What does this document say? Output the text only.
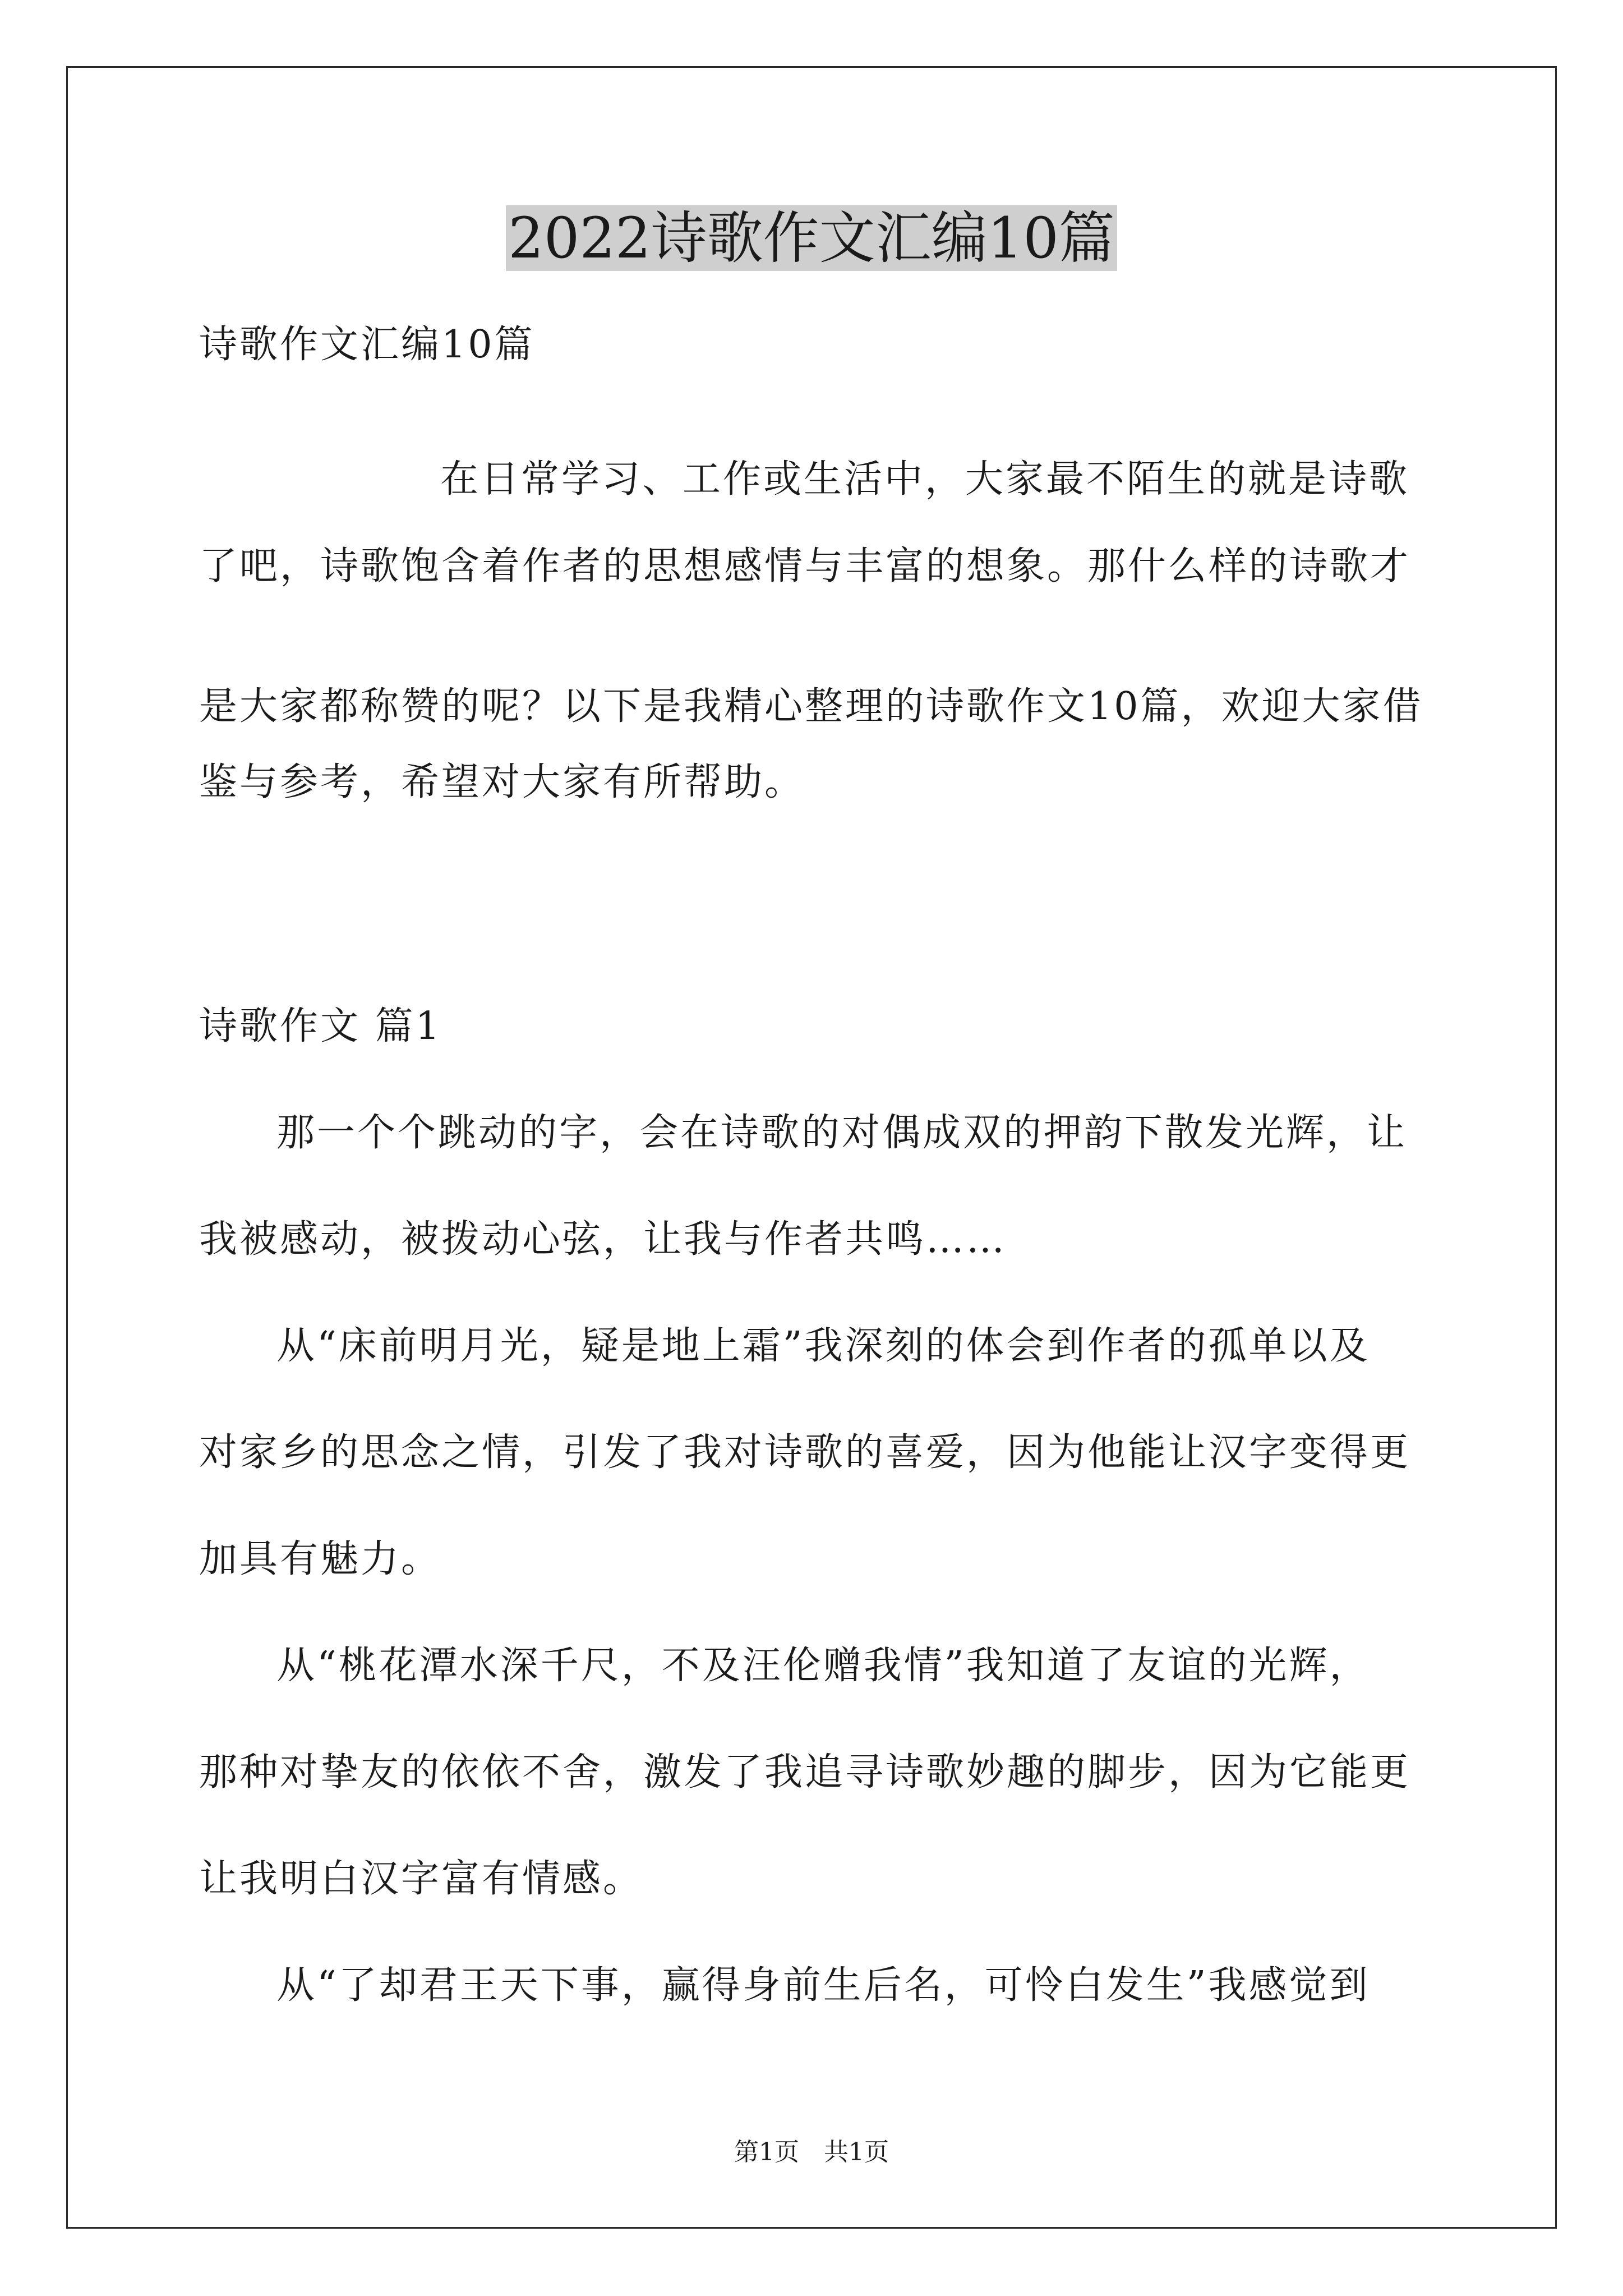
2022诗歌作文汇编10篇
诗歌作文汇编10篇
在日常学习、工作或生活中，大家最不陌生的就是诗歌
了吧，诗歌饱含着作者的思想感情与丰富的想象。那什么样的诗歌才
是大家都称赞的呢？以下是我精心整理的诗歌作文10篇，欢迎大家借
鉴与参考，希望对大家有所帮助。
诗歌作文 篇1
那一个个跳动的字，会在诗歌的对偶成双的押韵下散发光辉，让
我被感动，被拨动心弦，让我与作者共鸣……
从“床前明月光，疑是地上霜”我深刻的体会到作者的孤单以及
对家乡的思念之情，引发了我对诗歌的喜爱，因为他能让汉字变得更
加具有魅力。
从“桃花潭水深千尺，不及汪伦赠我情”我知道了友谊的光辉，
那种对挚友的依依不舍，激发了我追寻诗歌妙趣的脚步，因为它能更
让我明白汉字富有情感。
从“了却君王天下事，赢得身前生后名，可怜白发生”我感觉到
第1页　共1页
